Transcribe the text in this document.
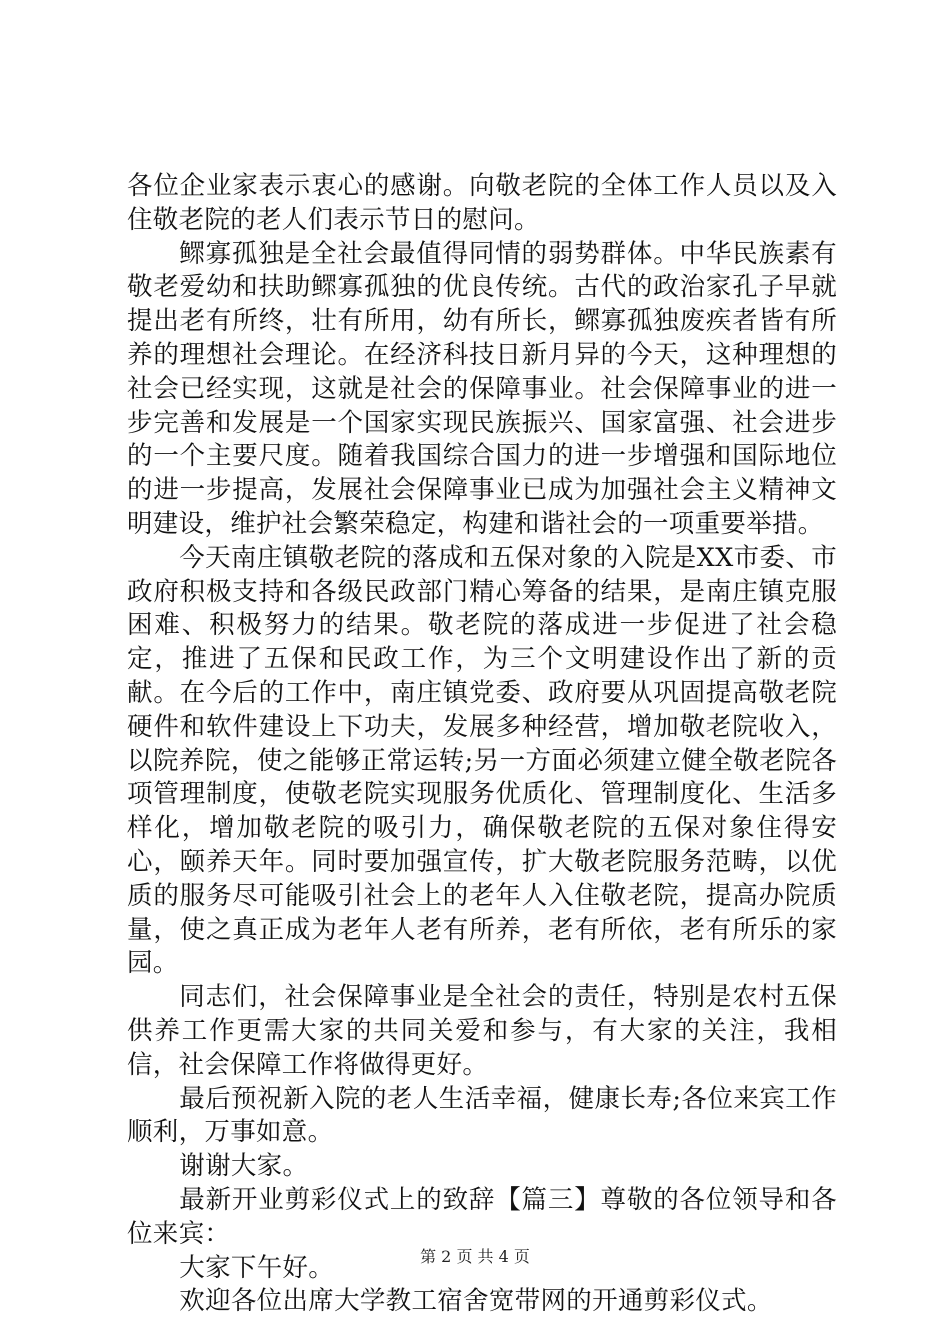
各位企业家表示衷心的感谢。向敬老院的全体工作人员以及入住敬老院的老人们表示节日的慰问。

鳏寡孤独是全社会最值得同情的弱势群体。中华民族素有敬老爱幼和扶助鳏寡孤独的优良传统。古代的政治家孔子早就提出老有所终，壮有所用，幼有所长，鳏寡孤独废疾者皆有所养的理想社会理论。在经济科技日新月异的今天，这种理想的社会已经实现，这就是社会的保障事业。社会保障事业的进一步完善和发展是一个国家实现民族振兴、国家富强、社会进步的一个主要尺度。随着我国综合国力的进一步增强和国际地位的进一步提高，发展社会保障事业已成为加强社会主义精神文明建设，维护社会繁荣稳定，构建和谐社会的一项重要举措。

今天南庄镇敬老院的落成和五保对象的入院是XX市委、市政府积极支持和各级民政部门精心筹备的结果，是南庄镇克服困难、积极努力的结果。敬老院的落成进一步促进了社会稳定，推进了五保和民政工作，为三个文明建设作出了新的贡献。在今后的工作中，南庄镇党委、政府要从巩固提高敬老院硬件和软件建设上下功夫，发展多种经营，增加敬老院收入，以院养院，使之能够正常运转;另一方面必须建立健全敬老院各项管理制度，使敬老院实现服务优质化、管理制度化、生活多样化，增加敬老院的吸引力，确保敬老院的五保对象住得安心，颐养天年。同时要加强宣传，扩大敬老院服务范畴，以优质的服务尽可能吸引社会上的老年人入住敬老院，提高办院质量，使之真正成为老年人老有所养，老有所依，老有所乐的家园。

同志们，社会保障事业是全社会的责任，特别是农村五保供养工作更需大家的共同关爱和参与，有大家的关注，我相信，社会保障工作将做得更好。

最后预祝新入院的老人生活幸福，健康长寿;各位来宾工作顺利，万事如意。

谢谢大家。

最新开业剪彩仪式上的致辞【篇三】尊敬的各位领导和各位来宾：

大家下午好。

欢迎各位出席大学教工宿舍宽带网的开通剪彩仪式。

第 2 页 共 4 页
